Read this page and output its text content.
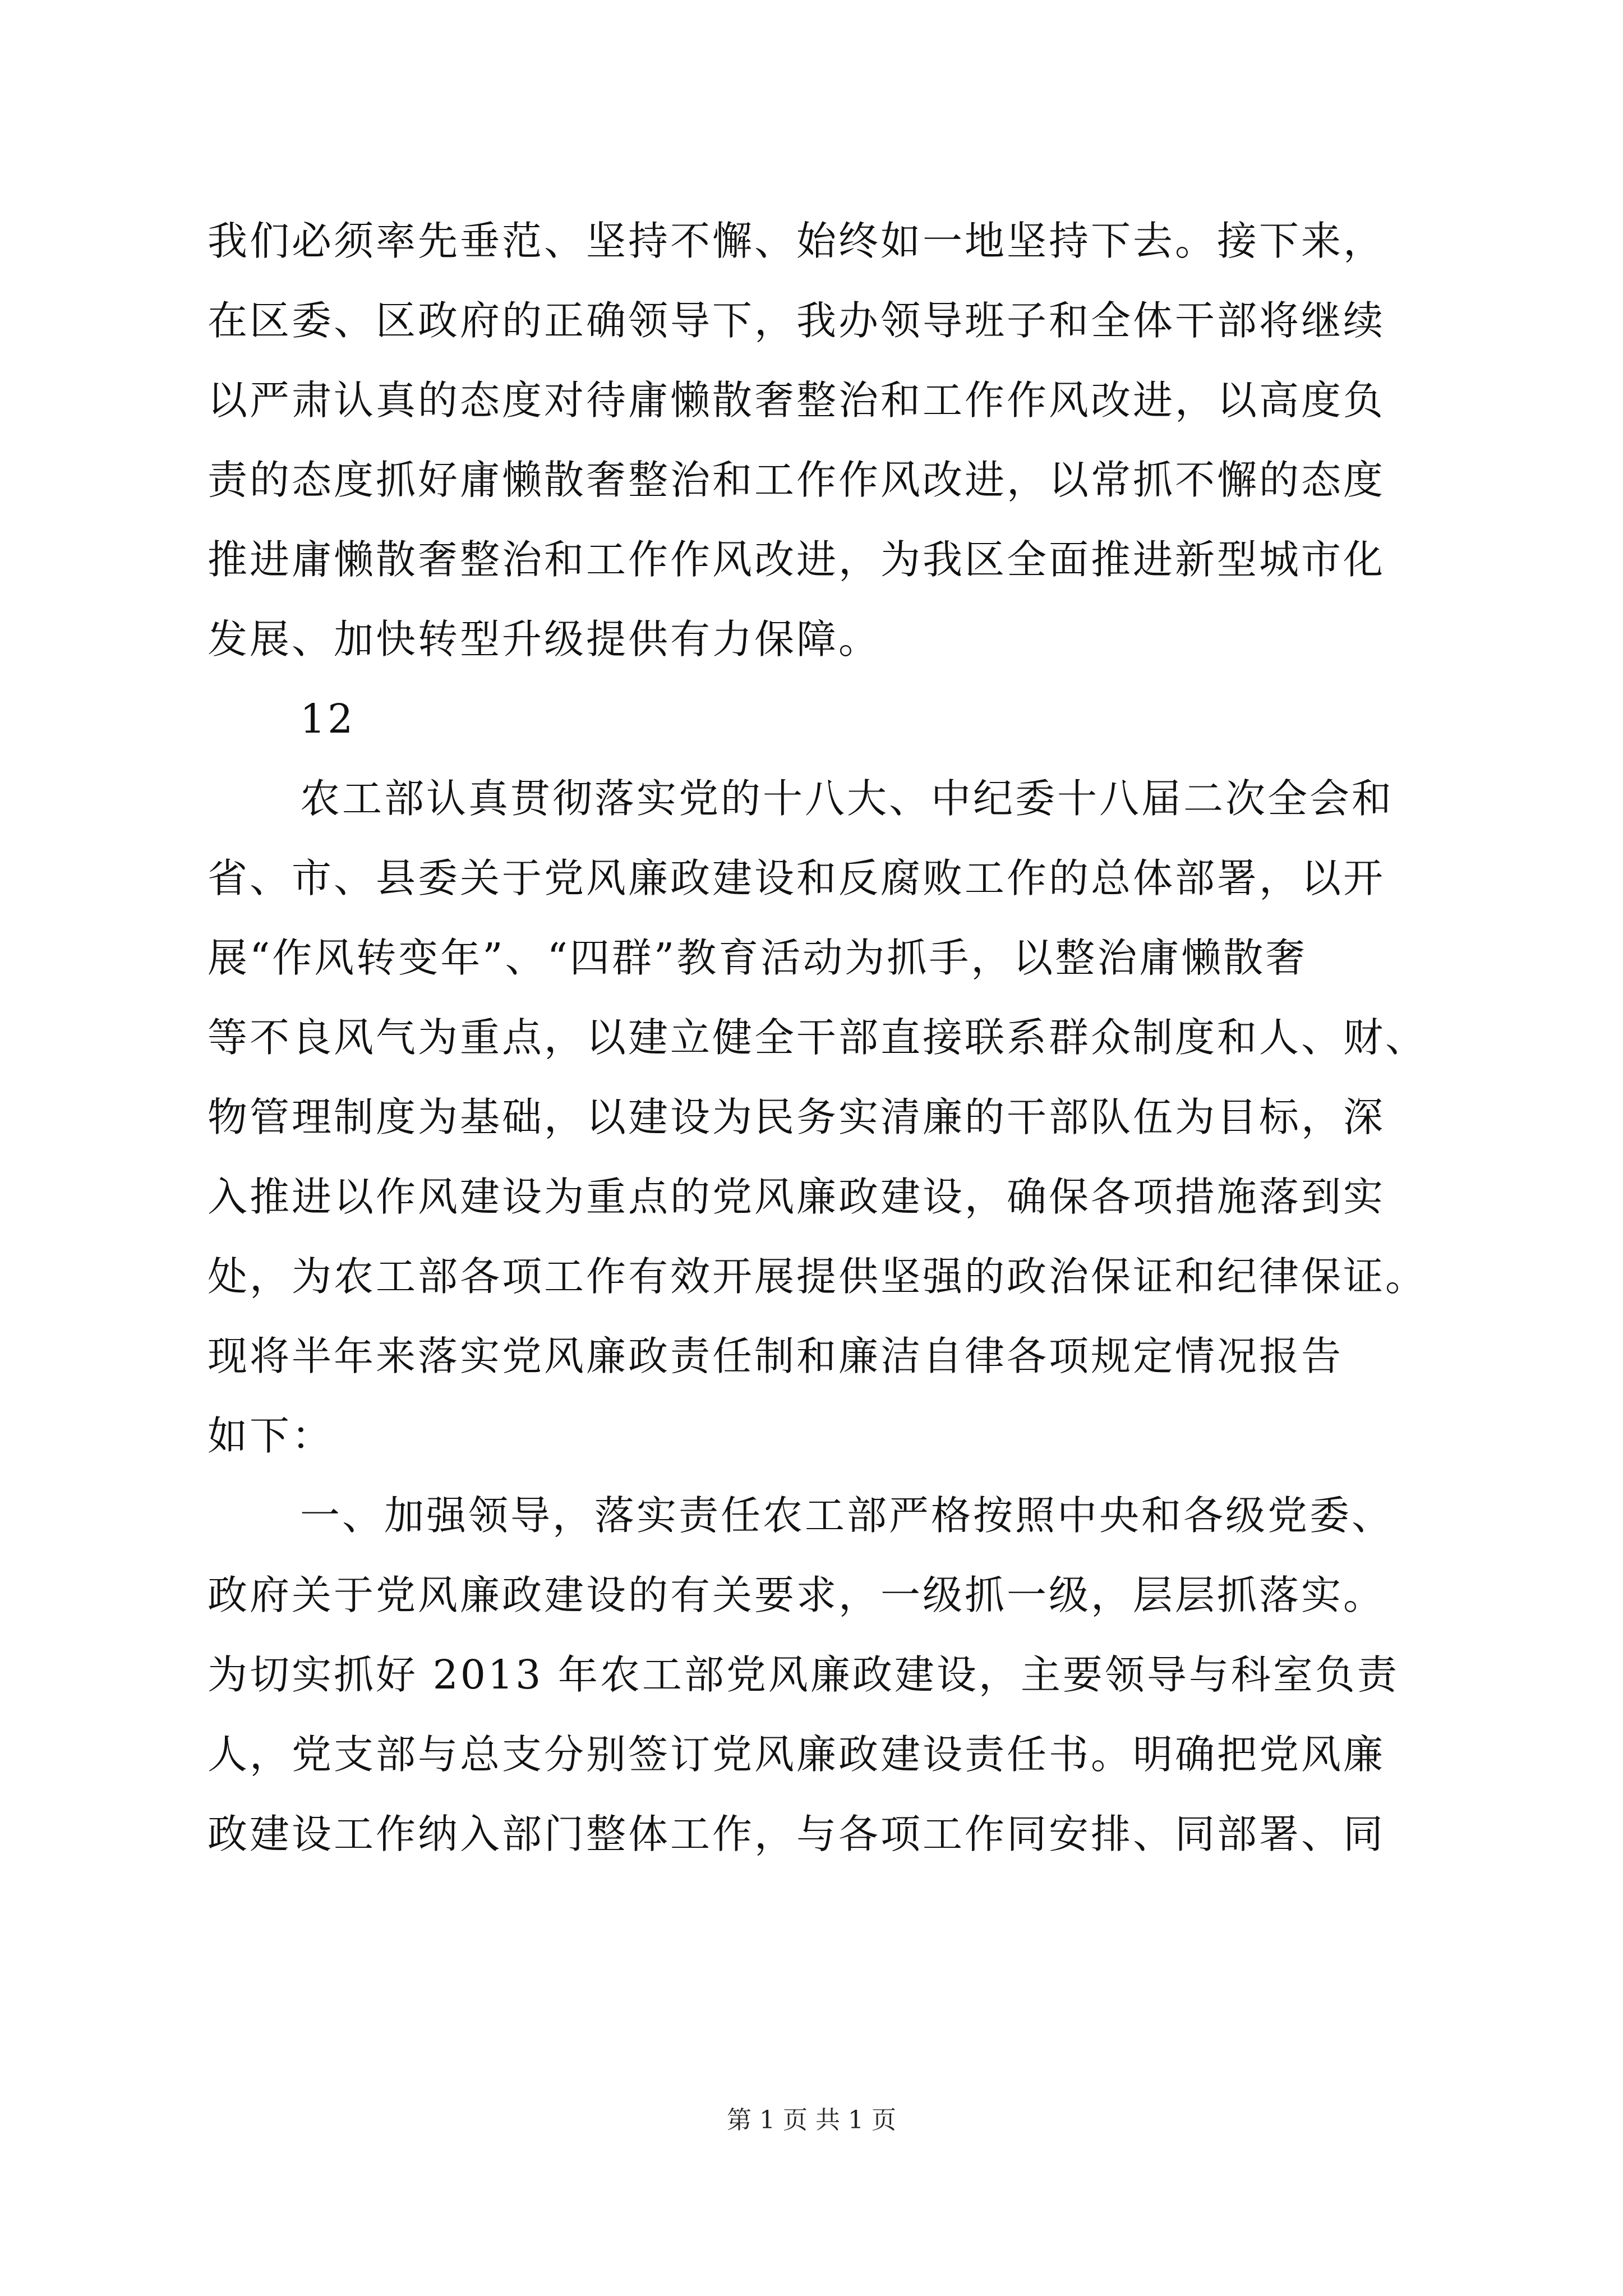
我们必须率先垂范、坚持不懈、始终如一地坚持下去。接下来，
在区委、区政府的正确领导下，我办领导班子和全体干部将继续
以严肃认真的态度对待庸懒散奢整治和工作作风改进，以高度负
责的态度抓好庸懒散奢整治和工作作风改进，以常抓不懈的态度
推进庸懒散奢整治和工作作风改进，为我区全面推进新型城市化
发展、加快转型升级提供有力保障。
12
农工部认真贯彻落实党的十八大、中纪委十八届二次全会和
省、市、县委关于党风廉政建设和反腐败工作的总体部署，以开
展“作风转变年”、“四群”教育活动为抓手，以整治庸懒散奢
等不良风气为重点，以建立健全干部直接联系群众制度和人、财、
物管理制度为基础，以建设为民务实清廉的干部队伍为目标，深
入推进以作风建设为重点的党风廉政建设，确保各项措施落到实
处，为农工部各项工作有效开展提供坚强的政治保证和纪律保证。
现将半年来落实党风廉政责任制和廉洁自律各项规定情况报告
如下：
一、加强领导，落实责任农工部严格按照中央和各级党委、
政府关于党风廉政建设的有关要求，一级抓一级，层层抓落实。
为切实抓好 2013 年农工部党风廉政建设，主要领导与科室负责
人，党支部与总支分别签订党风廉政建设责任书。明确把党风廉
政建设工作纳入部门整体工作，与各项工作同安排、同部署、同
第 1 页 共 1 页
